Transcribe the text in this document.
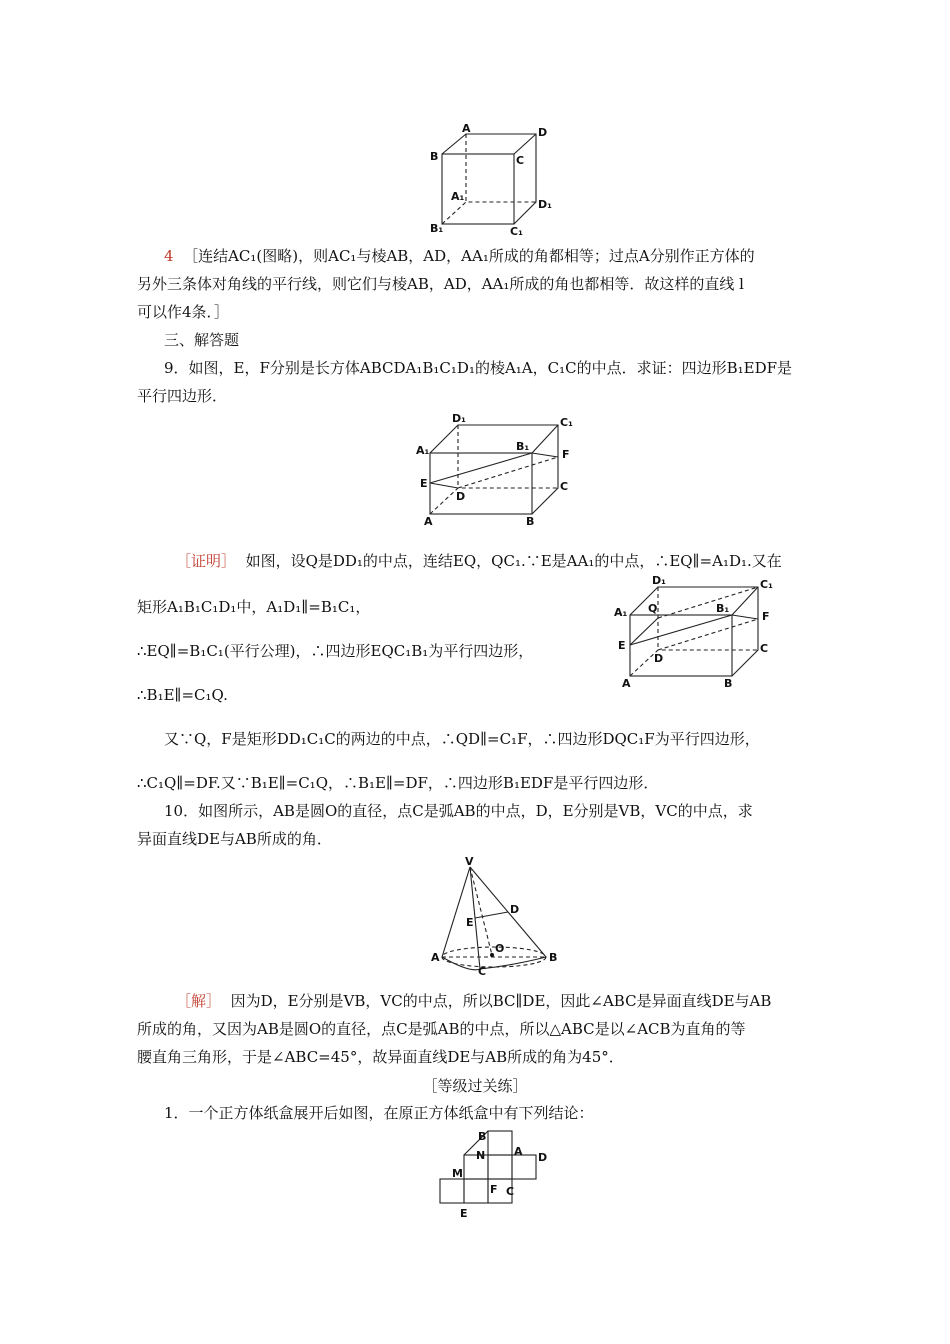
A	D
B	C
A₁
D₁
B₁	C₁
4 ［连结AC₁(图略)，则AC₁与棱AB，AD，AA₁所成的角都相等；过点A分别作正方体的
另外三条体对角线的平行线，则它们与棱AB，AD，AA₁所成的角也都相等．故这样的直线 l
可以作4条．］
三、解答题
9．如图，E，F分别是长方体ABCDA₁B₁C₁D₁的棱A₁A，C₁C的中点．求证：四边形B₁EDF是
平行四边形．
D₁	C₁
A₁	B₁
F
E
D
C
A	B
［证明］ 如图，设Q是DD₁的中点，连结EQ，QC₁.∵E是AA₁的中点，∴EQ∥=A₁D₁.又在
矩形A₁B₁C₁D₁中，A₁D₁∥=B₁C₁，
∴EQ∥=B₁C₁(平行公理)，∴四边形EQC₁B₁为平行四边形，
∴B₁E∥=C₁Q.
D₁	C₁
A₁ Q	B₁
F
E
D
C
A	B
又∵Q，F是矩形DD₁C₁C的两边的中点，∴QD∥=C₁F，∴四边形DQC₁F为平行四边形，
∴C₁Q∥=DF.又∵B₁E∥=C₁Q，∴B₁E∥=DF，∴四边形B₁EDF是平行四边形．
10．如图所示，AB是圆O的直径，点C是弧AB的中点，D，E分别是VB，VC的中点，求
异面直线DE与AB所成的角．
V
D
E
O
A	B
C
［解］ 因为D，E分别是VB，VC的中点，所以BC∥DE，因此∠ABC是异面直线DE与AB
所成的角，又因为AB是圆O的直径，点C是弧AB的中点，所以△ABC是以∠ACB为直角的等
腰直角三角形，于是∠ABC=45°，故异面直线DE与AB所成的角为45°．
［等级过关练］
1．一个正方体纸盒展开后如图，在原正方体纸盒中有下列结论：
B
N	A D
M
F C
E
